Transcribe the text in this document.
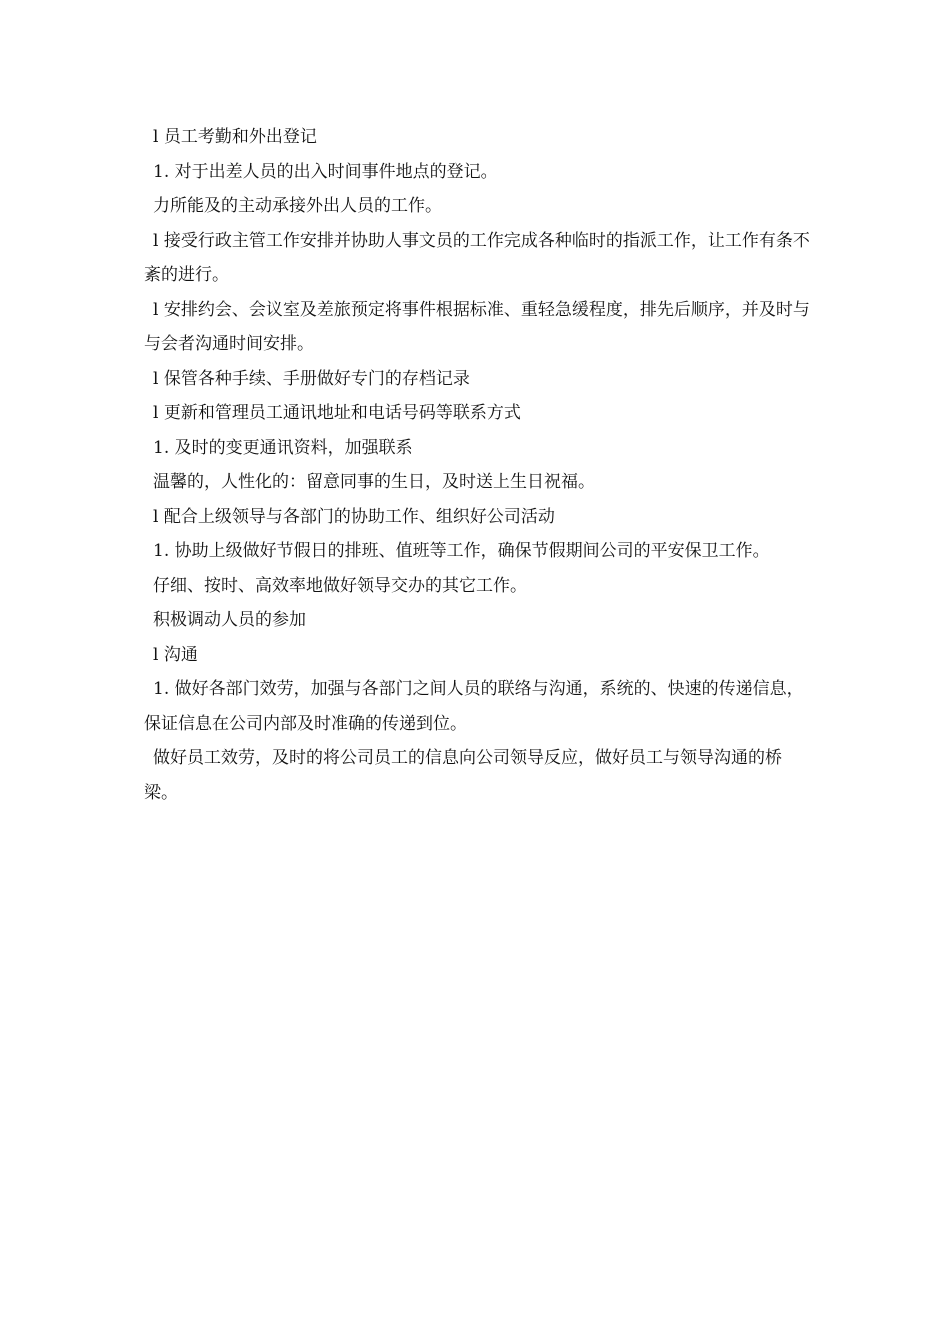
l 员工考勤和外出登记

1. 对于出差人员的出入时间事件地点的登记。

力所能及的主动承接外出人员的工作。

l 接受行政主管工作安排并协助人事文员的工作完成各种临时的指派工作，让工作有条不紊的进行。

l 安排约会、会议室及差旅预定将事件根据标准、重轻急缓程度，排先后顺序，并及时与与会者沟通时间安排。

l 保管各种手续、手册做好专门的存档记录

l 更新和管理员工通讯地址和电话号码等联系方式

1. 及时的变更通讯资料，加强联系

温馨的，人性化的：留意同事的生日，及时送上生日祝福。

l 配合上级领导与各部门的协助工作、组织好公司活动

1. 协助上级做好节假日的排班、值班等工作，确保节假期间公司的平安保卫工作。

仔细、按时、高效率地做好领导交办的其它工作。

积极调动人员的参加

l 沟通

1. 做好各部门效劳，加强与各部门之间人员的联络与沟通，系统的、快速的传递信息，保证信息在公司内部及时准确的传递到位。

做好员工效劳，及时的将公司员工的信息向公司领导反应，做好员工与领导沟通的桥梁。
